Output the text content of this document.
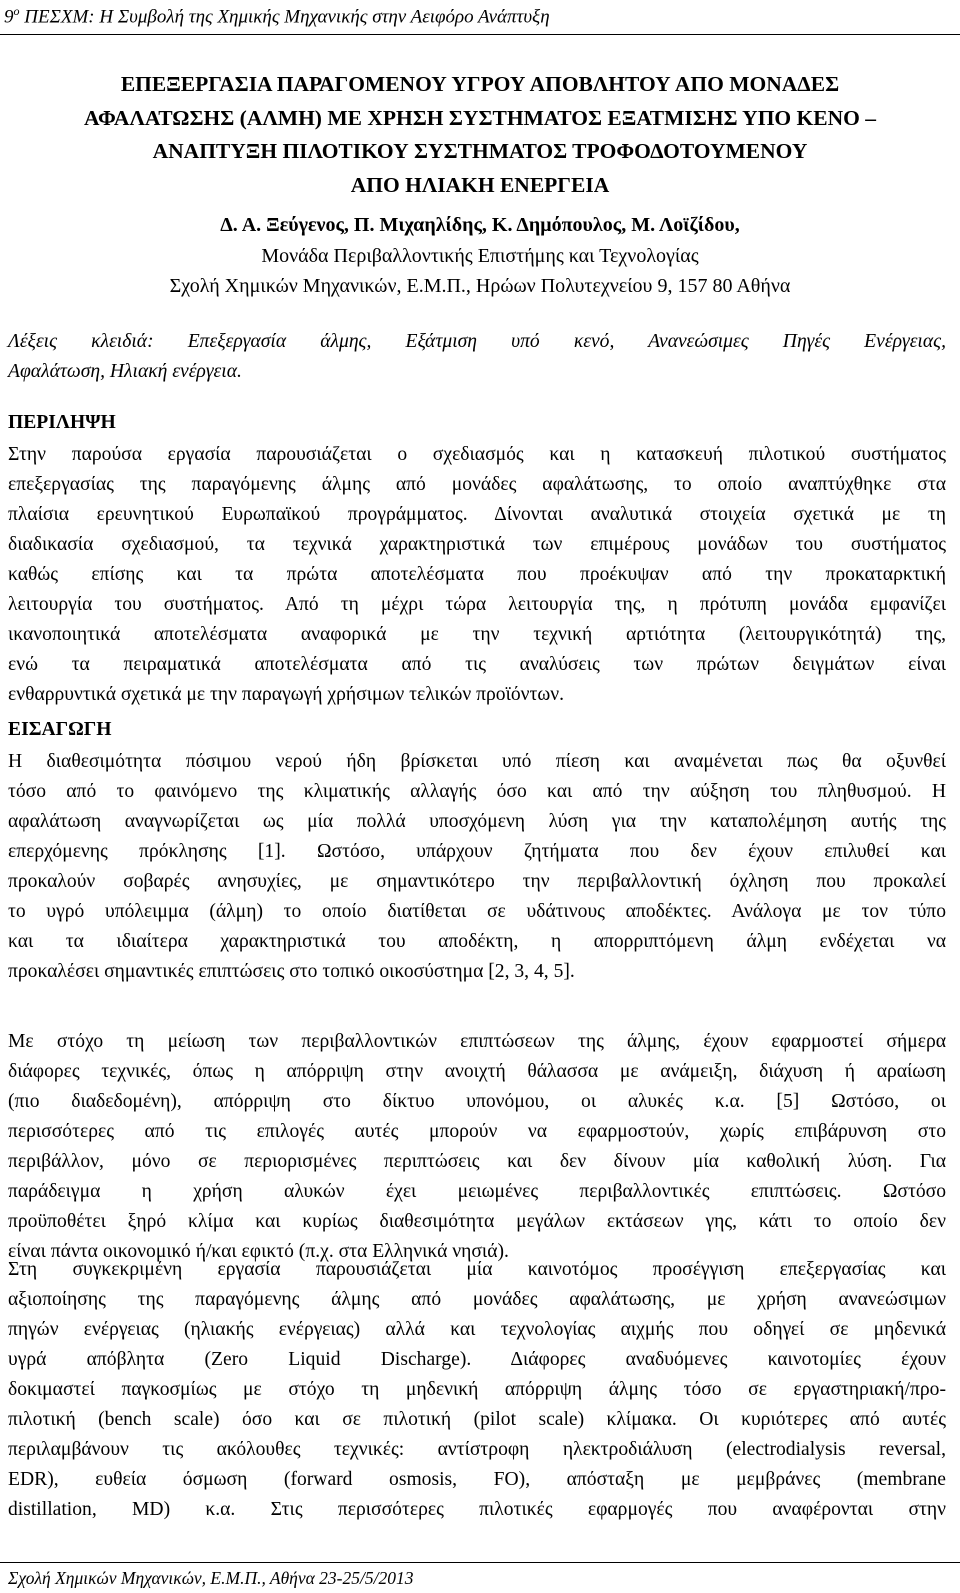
$9^o$ ΠΕΣΧΜ: Η Συμβολή της Χημικής Μηχανικής στην Αειφόρο Ανάπτυξη
ΕΠΕΞΕΡΓΑΣΙΑ ΠΑΡΑΓΟΜΕΝΟΥ ΥΓΡΟΥ ΑΠΟΒΛΗΤΟΥ ΑΠΟ ΜΟΝΑΔΕΣ
ΑΦΑΛΑΤΩΣΗΣ (ΑΛΜΗ) ΜΕ ΧΡΗΣΗ ΣΥΣΤΗΜΑΤΟΣ ΕΞΑΤΜΙΣΗΣ ΥΠΟ ΚΕΝΟ –
ΑΝΑΠΤΥΞΗ ΠΙΛΟΤΙΚΟΥ ΣΥΣΤΗΜΑΤΟΣ ΤΡΟΦΟΔΟΤΟΥΜΕΝΟΥ
ΑΠΟ ΗΛΙΑΚΗ ΕΝΕΡΓΕΙΑ
Δ. Α. Ξεύγενος, Π. Μιχαηλίδης, Κ. Δημόπουλος, Μ. Λοϊζίδου,
Μονάδα Περιβαλλοντικής Επιστήμης και Τεχνολογίας
Σχολή Χημικών Μηχανικών, Ε.Μ.Π., Ηρώων Πολυτεχνείου 9, 157 80 Αθήνα
Λέξεις κλειδιά: Επεξεργασία άλμης, Εξάτμιση υπό κενό, Ανανεώσιμες Πηγές Ενέργειας,
Αφαλάτωση, Ηλιακή ενέργεια.
ΠΕΡΙΛΗΨΗ
Στην παρούσα εργασία παρουσιάζεται ο σχεδιασμός και η κατασκευή πιλοτικού συστήματος
επεξεργασίας της παραγόμενης άλμης από μονάδες αφαλάτωσης, το οποίο αναπτύχθηκε στα
πλαίσια ερευνητικού Ευρωπαϊκού προγράμματος. Δίνονται αναλυτικά στοιχεία σχετικά με τη
διαδικασία σχεδιασμού, τα τεχνικά χαρακτηριστικά των επιμέρους μονάδων του συστήματος
καθώς επίσης και τα πρώτα αποτελέσματα που προέκυψαν από την προκαταρκτική
λειτουργία του συστήματος. Από τη μέχρι τώρα λειτουργία της, η πρότυπη μονάδα εμφανίζει
ικανοποιητικά αποτελέσματα αναφορικά με την τεχνική αρτιότητα (λειτουργικότητά) της,
ενώ τα πειραματικά αποτελέσματα από τις αναλύσεις των πρώτων δειγμάτων είναι
ενθαρρυντικά σχετικά με την παραγωγή χρήσιμων τελικών προϊόντων.
ΕΙΣΑΓΩΓΗ
Η διαθεσιμότητα πόσιμου νερού ήδη βρίσκεται υπό πίεση και αναμένεται πως θα οξυνθεί
τόσο από το φαινόμενο της κλιματικής αλλαγής όσο και από την αύξηση του πληθυσμού. Η
αφαλάτωση αναγνωρίζεται ως μία πολλά υποσχόμενη λύση για την καταπολέμηση αυτής της
επερχόμενης πρόκλησης [1]. Ωστόσο, υπάρχουν ζητήματα που δεν έχουν επιλυθεί και
προκαλούν σοβαρές ανησυχίες, με σημαντικότερο την περιβαλλοντική όχληση που προκαλεί
το υγρό υπόλειμμα (άλμη) το οποίο διατίθεται σε υδάτινους αποδέκτες. Ανάλογα με τον τύπο
και τα ιδιαίτερα χαρακτηριστικά του αποδέκτη, η απορριπτόμενη άλμη ενδέχεται να
προκαλέσει σημαντικές επιπτώσεις στο τοπικό οικοσύστημα [2, 3, 4, 5].
Με στόχο τη μείωση των περιβαλλοντικών επιπτώσεων της άλμης, έχουν εφαρμοστεί σήμερα
διάφορες τεχνικές, όπως η απόρριψη στην ανοιχτή θάλασσα με ανάμειξη, διάχυση ή αραίωση
(πιο διαδεδομένη), απόρριψη στο δίκτυο υπονόμου, οι αλυκές κ.α. [5] Ωστόσο, οι
περισσότερες από τις επιλογές αυτές μπορούν να εφαρμοστούν, χωρίς επιβάρυνση στο
περιβάλλον, μόνο σε περιορισμένες περιπτώσεις και δεν δίνουν μία καθολική λύση. Για
παράδειγμα η χρήση αλυκών έχει μειωμένες περιβαλλοντικές επιπτώσεις. Ωστόσο
προϋποθέτει ξηρό κλίμα και κυρίως διαθεσιμότητα μεγάλων εκτάσεων γης, κάτι το οποίο δεν
είναι πάντα οικονομικό ή/και εφικτό (π.χ. στα Ελληνικά νησιά).
Στη συγκεκριμένη εργασία παρουσιάζεται μία καινοτόμος προσέγγιση επεξεργασίας και
αξιοποίησης της παραγόμενης άλμης από μονάδες αφαλάτωσης, με χρήση ανανεώσιμων
πηγών ενέργειας (ηλιακής ενέργειας) αλλά και τεχνολογίας αιχμής που οδηγεί σε μηδενικά
υγρά απόβλητα (Zero Liquid Discharge). Διάφορες αναδυόμενες καινοτομίες έχουν
δοκιμαστεί παγκοσμίως με στόχο τη μηδενική απόρριψη άλμης τόσο σε εργαστηριακή/προ-
πιλοτική (bench scale) όσο και σε πιλοτική (pilot scale) κλίμακα. Οι κυριότερες από αυτές
περιλαμβάνουν τις ακόλουθες τεχνικές: αντίστροφη ηλεκτροδιάλυση (electrodialysis reversal,
EDR), ευθεία όσμωση (forward osmosis, FO), απόσταξη με μεμβράνες (membrane
distillation, MD) κ.α. Στις περισσότερες πιλοτικές εφαρμογές που αναφέρονται στην
Σχολή Χημικών Μηχανικών, Ε.Μ.Π., Αθήνα 23-25/5/2013
